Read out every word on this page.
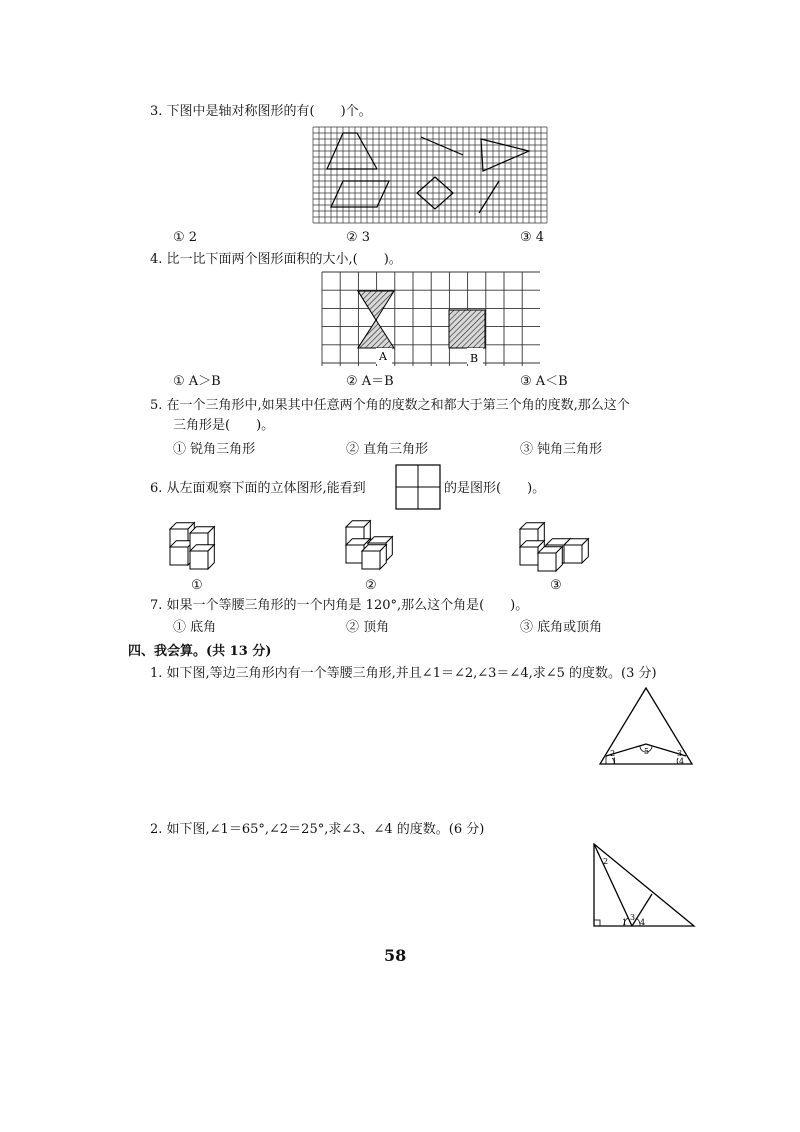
3. 下图中是轴对称图形的有(　　)个。
① 2	② 3	③ 4
4. 比一比下面两个图形面积的大小,(　　)。
A	B
① A＞B	② A＝B	③ A＜B
5. 在一个三角形中,如果其中任意两个角的度数之和都大于第三个角的度数,那么这个
三角形是(　　)。
① 锐角三角形	② 直角三角形	③ 钝角三角形
6. 从左面观察下面的立体图形,能看到	的是图形(　　)。
①	②	③
7. 如果一个等腰三角形的一个内角是 120°,那么这个角是(　　)。
① 底角	② 顶角	③ 底角或顶角
四、我会算。(共 13 分)
1. 如下图,等边三角形内有一个等腰三角形,并且∠1＝∠2,∠3＝∠4,求∠5 的度数。(3 分)
2
1
5	3
4
2. 如下图,∠1＝65°,∠2＝25°,求∠3、∠4 的度数。(6 分)
2
1
3
4
58
